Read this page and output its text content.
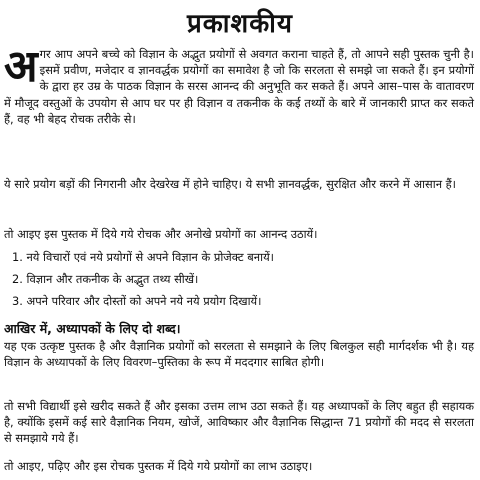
प्रकाशकीय
अगर आप अपने बच्चे को विज्ञान के अद्भुत प्रयोगों से अवगत कराना चाहते हैं, तो आपने सही पुस्तक चुनी है। इसमें प्रवीण, मजेदार व ज्ञानवर्द्धक प्रयोगों का समावेश है जो कि सरलता से समझे जा सकते हैं। इन प्रयोगों के द्वारा हर उम्र के पाठक विज्ञान के सरस आनन्द की अनुभूति कर सकते हैं। अपने आस–पास के वातावरण में मौजूद वस्तुओं के उपयोग से आप घर पर ही विज्ञान व तकनीक के कई तथ्यों के बारे में जानकारी प्राप्त कर सकते हैं, वह भी बेहद रोचक तरीके से।
ये सारे प्रयोग बड़ों की निगरानी और देखरेख में होने चाहिए। ये सभी ज्ञानवर्द्धक, सुरक्षित और करने में आसान हैं।
तो आइए इस पुस्तक में दिये गये रोचक और अनोखे प्रयोगों का आनन्द उठायें।
1. नये विचारों एवं नये प्रयोगों से अपने विज्ञान के प्रोजेक्ट बनायें।
2. विज्ञान और तकनीक के अद्भुत तथ्य सीखें।
3. अपने परिवार और दोस्तों को अपने नये नये प्रयोग दिखायें।
आखिर में, अध्यापकों के लिए दो शब्द।
यह एक उत्कृष्ट पुस्तक है और वैज्ञानिक प्रयोगों को सरलता से समझाने के लिए बिलकुल सही मार्गदर्शक भी है। यह विज्ञान के अध्यापकों के लिए विवरण–पुस्तिका के रूप में मददगार साबित होगी।
तो सभी विद्यार्थी इसे खरीद सकते हैं और इसका उत्तम लाभ उठा सकते हैं। यह अध्यापकों के लिए बहुत ही सहायक है, क्योंकि इसमें कई सारे वैज्ञानिक नियम, खोजें, आविष्कार और वैज्ञानिक सिद्धान्त 71 प्रयोगों की मदद से सरलता से समझाये गये हैं।
तो आइए, पढ़िए और इस रोचक पुस्तक में दिये गये प्रयोगों का लाभ उठाइए।
